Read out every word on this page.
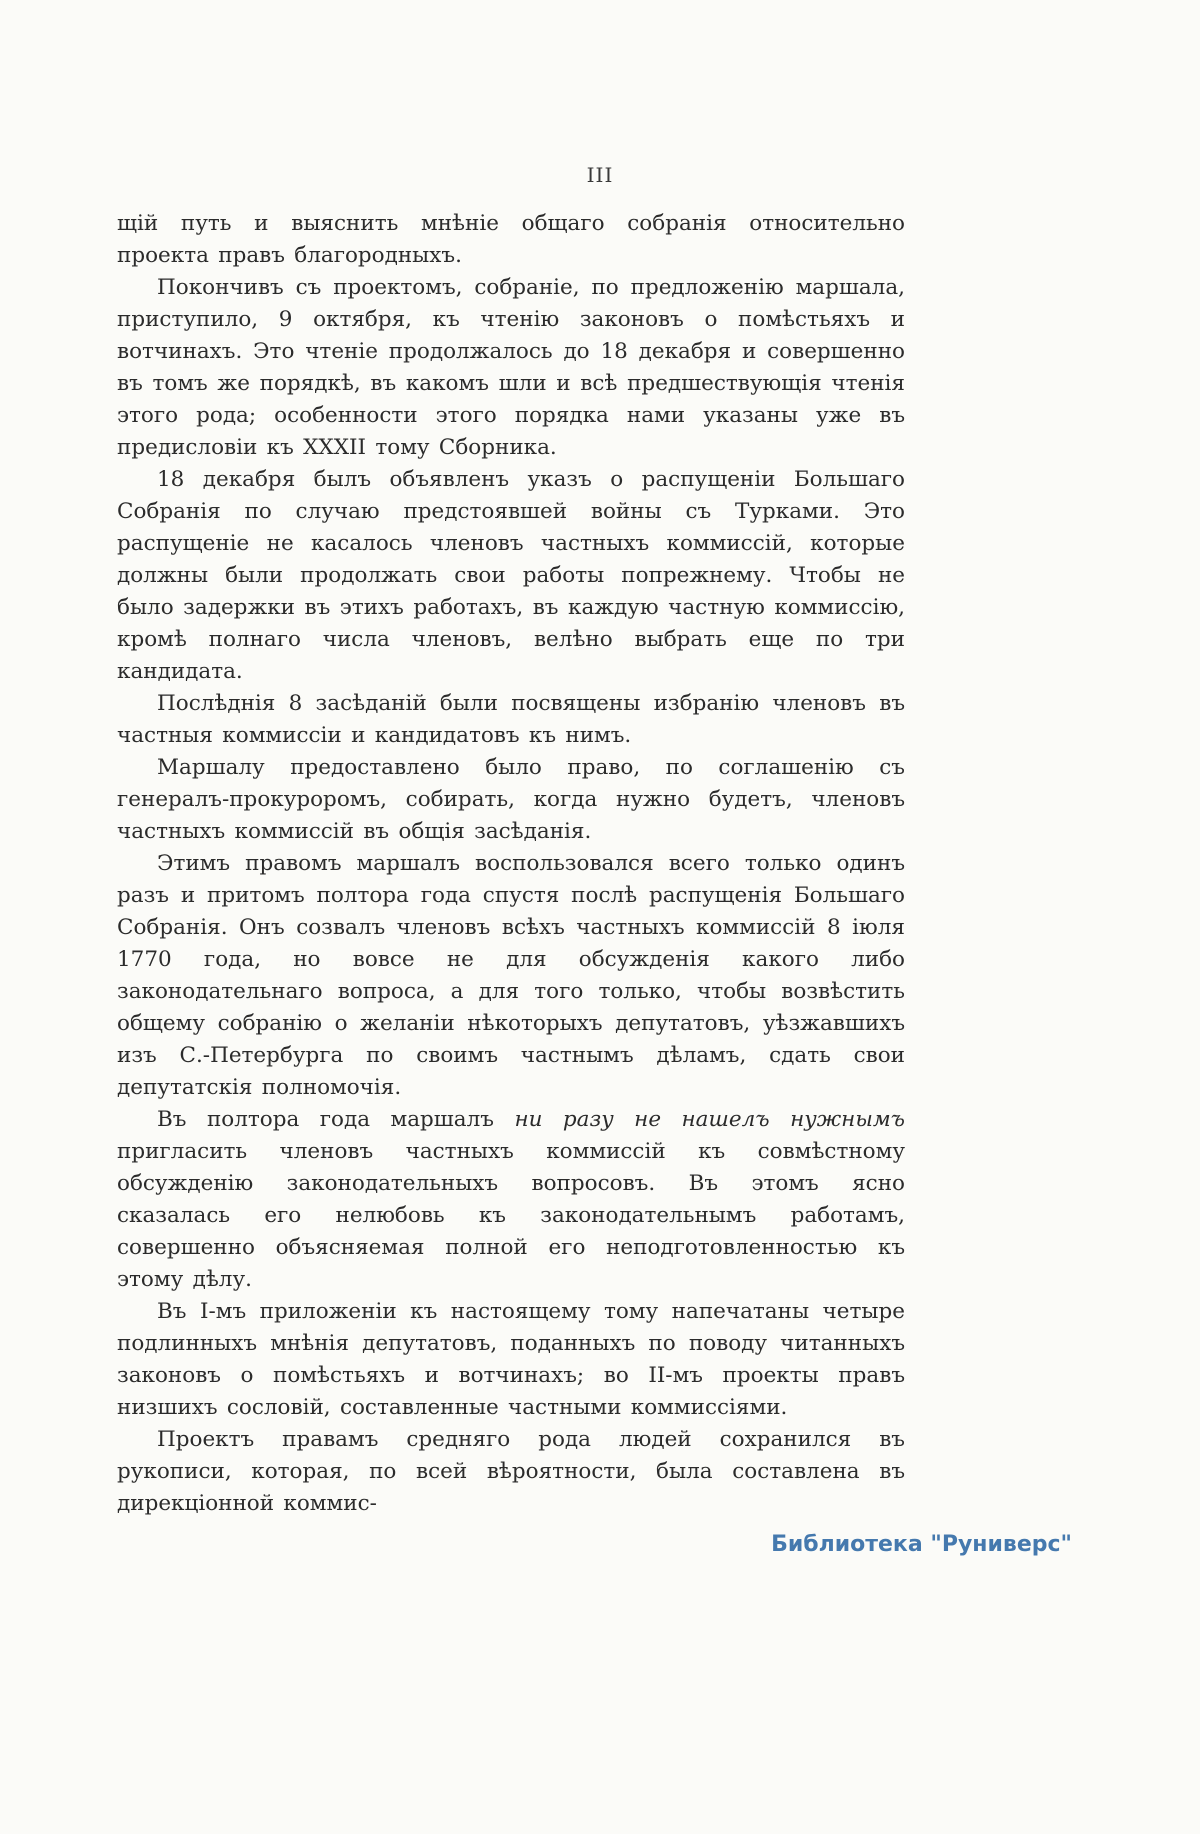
III

щій путь и выяснить мнѣніе общаго собранія относительно проекта правъ благородныхъ.

Покончивъ съ проектомъ, собраніе, по предложенію маршала, приступило, 9 октября, къ чтенію законовъ о помѣстьяхъ и вотчинахъ. Это чтеніе продолжалось до 18 декабря и совершенно въ томъ же порядкѣ, въ какомъ шли и всѣ предшествующія чтенія этого рода; особенности этого порядка нами указаны уже въ предисловіи къ XXXII тому Сборника.

18 декабря былъ объявленъ указъ о распущеніи Большаго Собранія по случаю предстоявшей войны съ Турками. Это распущеніе не касалось членовъ частныхъ коммиссій, которые должны были продолжать свои работы попрежнему. Чтобы не было задержки въ этихъ работахъ, въ каждую частную коммиссію, кромѣ полнаго числа членовъ, велѣно выбрать еще по три кандидата.

Послѣднія 8 засѣданій были посвящены избранію членовъ въ частныя коммиссіи и кандидатовъ къ нимъ.

Маршалу предоставлено было право, по соглашенію съ генералъ-прокуроромъ, собирать, когда нужно будетъ, членовъ частныхъ коммиссій въ общія засѣданія.

Этимъ правомъ маршалъ воспользовался всего только одинъ разъ и притомъ полтора года спустя послѣ распущенія Большаго Собранія. Онъ созвалъ членовъ всѣхъ частныхъ коммиссій 8 іюля 1770 года, но вовсе не для обсужденія какого либо законодательнаго вопроса, а для того только, чтобы возвѣстить общему собранію о желаніи нѣкоторыхъ депутатовъ, уѣзжавшихъ изъ С.-Петербурга по своимъ частнымъ дѣламъ, сдать свои депутатскія полномочія.

Въ полтора года маршалъ ни разу не нашелъ нужнымъ пригласить членовъ частныхъ коммиссій къ совмѣстному обсужденію законодательныхъ вопросовъ. Въ этомъ ясно сказалась его нелюбовь къ законодательнымъ работамъ, совершенно объясняемая полной его неподготовленностью къ этому дѣлу.

Въ I-мъ приложеніи къ настоящему тому напечатаны четыре подлинныхъ мнѣнія депутатовъ, поданныхъ по поводу читанныхъ законовъ о помѣстьяхъ и вотчинахъ; во II-мъ проекты правъ низшихъ сословій, составленные частными коммиссіями.

Проектъ правамъ средняго рода людей сохранился въ рукописи, которая, по всей вѣроятности, была составлена въ дирекціонной коммис-

Библиотека "Руниверс"
